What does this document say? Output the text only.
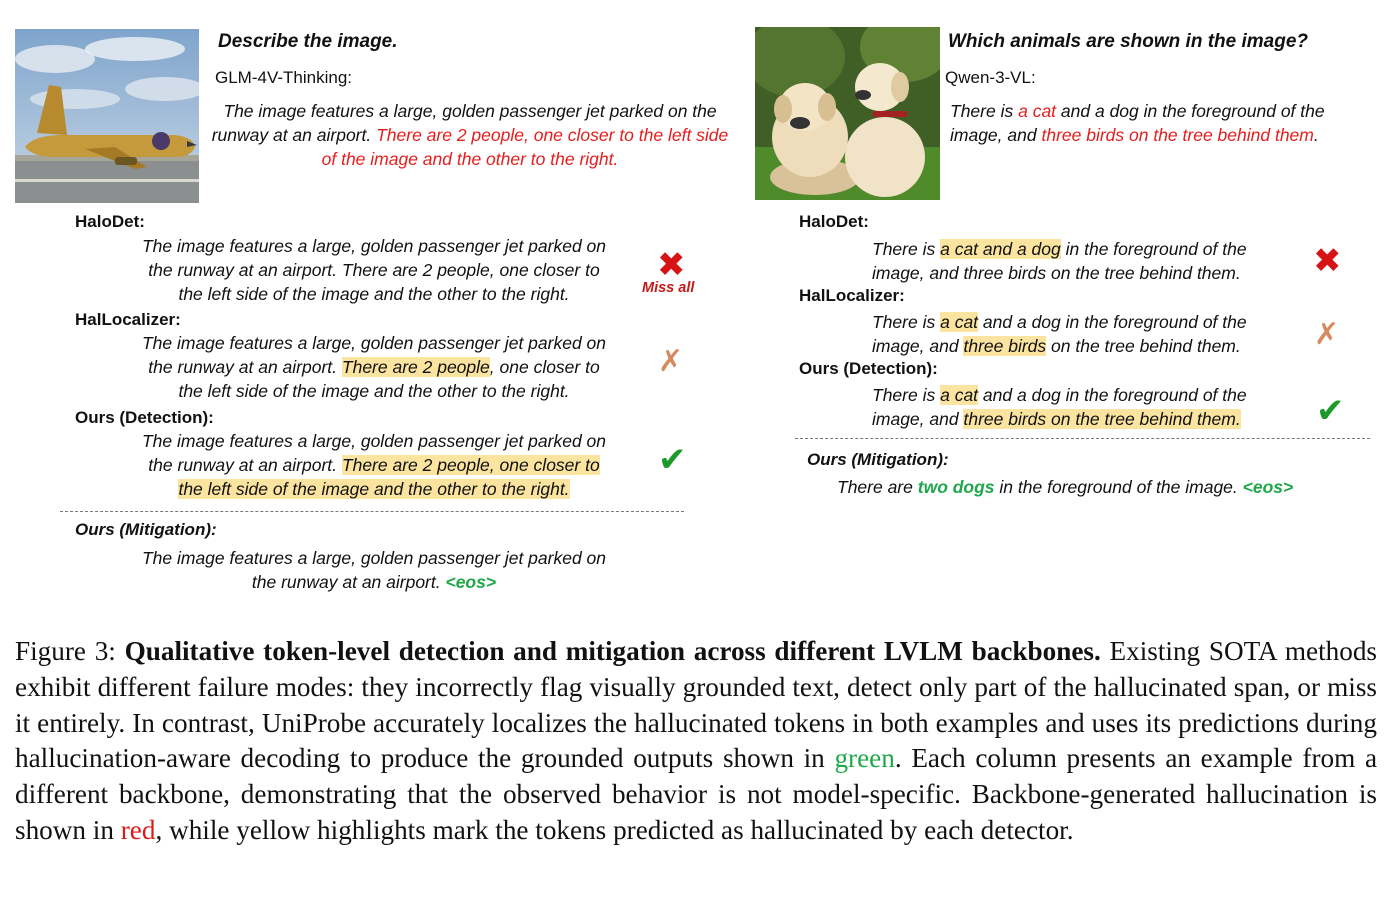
Describe the image.
GLM-4V-Thinking:
The image features a large, golden passenger jet parked on the runway at an airport. There are 2 people, one closer to the left side of the image and the other to the right.
HaloDet:
The image features a large, golden passenger jet parked on
the runway at an airport. There are 2 people, one closer to
the left side of the image and the other to the right.
✖
Miss all
HalLocalizer:
The image features a large, golden passenger jet parked on
the runway at an airport. There are 2 people, one closer to
the left side of the image and the other to the right.
✗
Ours (Detection):
The image features a large, golden passenger jet parked on
the runway at an airport. There are 2 people, one closer to
the left side of the image and the other to the right.
✔
Ours (Mitigation):
The image features a large, golden passenger jet parked on
the runway at an airport. <eos>
Which animals are shown in the image?
Qwen-3-VL:
There is a cat and a dog in the foreground of the
image, and three birds on the tree behind them.
HaloDet:
There is a cat and a dog in the foreground of the
image, and three birds on the tree behind them.	✖
HalLocalizer:
There is a cat and a dog in the foreground of the
image, and three birds on the tree behind them.	✗
Ours (Detection):
There is a cat and a dog in the foreground of the
image, and three birds on the tree behind them.	✔
Ours (Mitigation):
There are two dogs in the foreground of the image. <eos>
Figure 3: Qualitative token-level detection and mitigation across different LVLM backbones. Existing SOTA methods exhibit different failure modes: they incorrectly flag visually grounded text, detect only part of the hallucinated span, or miss it entirely. In contrast, UniProbe accurately localizes the hallucinated tokens in both examples and uses its predictions during hallucination-aware decoding to produce the grounded outputs shown in green. Each column presents an example from a different backbone, demonstrating that the observed behavior is not model-specific. Backbone-generated hallucination is shown in red, while yellow highlights mark the tokens predicted as hallucinated by each detector.
